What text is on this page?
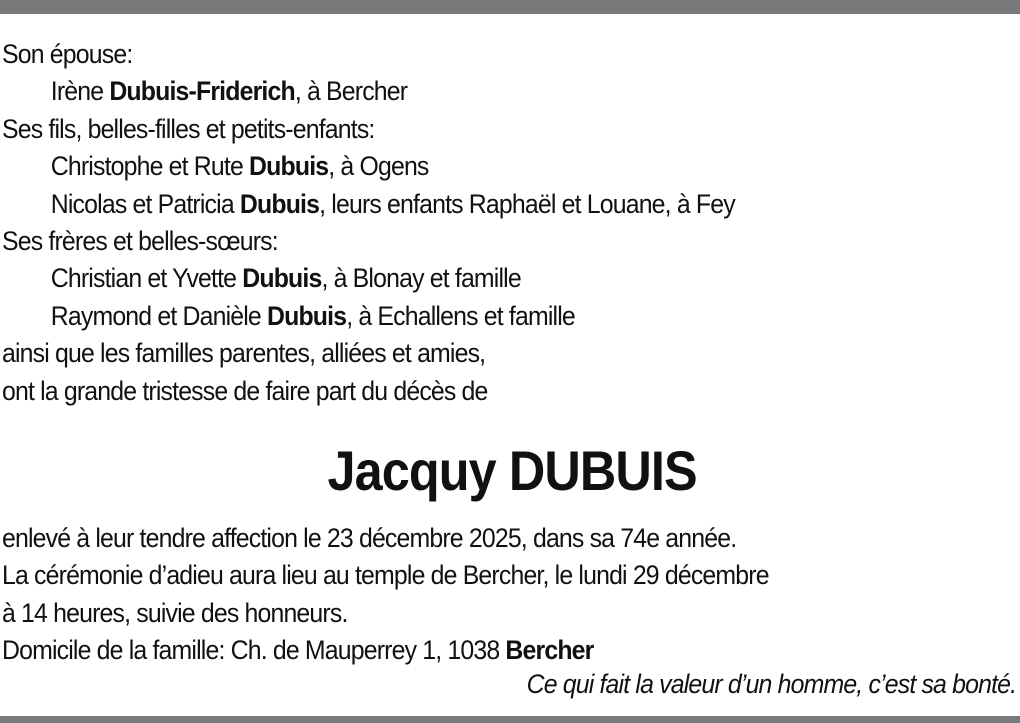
Son épouse:
Irène Dubuis-Friderich, à Bercher
Ses fils, belles-filles et petits-enfants:
Christophe et Rute Dubuis, à Ogens
Nicolas et Patricia Dubuis, leurs enfants Raphaël et Louane, à Fey
Ses frères et belles-sœurs:
Christian et Yvette Dubuis, à Blonay et famille
Raymond et Danièle Dubuis, à Echallens et famille
ainsi que les familles parentes, alliées et amies,
ont la grande tristesse de faire part du décès de
Jacquy DUBUIS
enlevé à leur tendre affection le 23 décembre 2025, dans sa 74e année.
La cérémonie d’adieu aura lieu au temple de Bercher, le lundi 29 décembre
à 14 heures, suivie des honneurs.
Domicile de la famille: Ch. de Mauperrey 1, 1038 Bercher
Ce qui fait la valeur d’un homme, c’est sa bonté.
